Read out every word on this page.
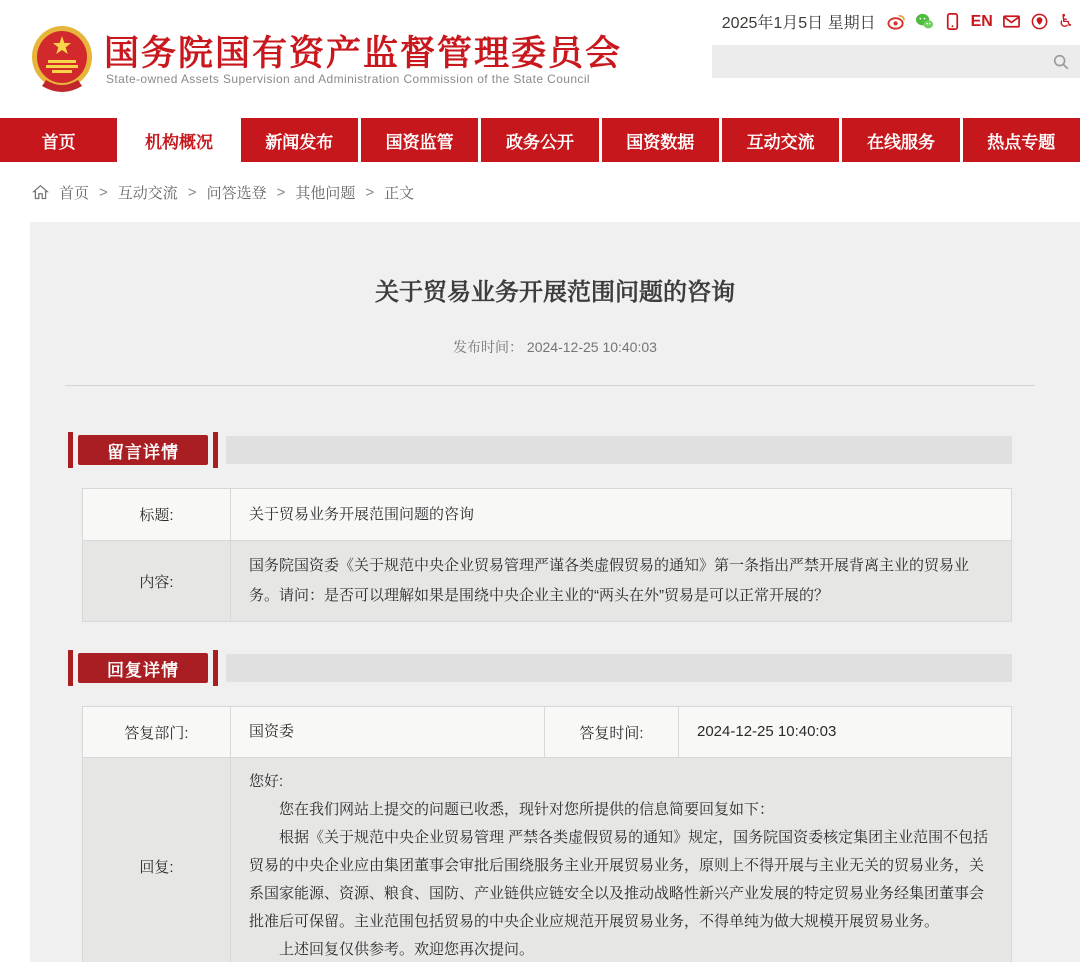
国务院国有资产监督管理委员会
State-owned Assets Supervision and Administration Commission of the State Council
2025年1月5日 星期日	EN	♿
首页	机构概况	新闻发布	国资监管	政务公开	国资数据	互动交流	在线服务	热点专题
首页 > 互动交流 > 问答选登 > 其他问题 > 正文
关于贸易业务开展范围问题的咨询
发布时间： 2024-12-25 10:40:03
留言详情
标题:	关于贸易业务开展范围问题的咨询
内容:	国务院国资委《关于规范中央企业贸易管理严谨各类虚假贸易的通知》第一条指出严禁开展背离主业的贸易业务。请问：是否可以理解如果是围绕中央企业主业的“两头在外”贸易是可以正常开展的？
回复详情
答复部门:	国资委	答复时间:	2024-12-25 10:40:03
回复:	您好:

您在我们网站上提交的问题已收悉，现针对您所提供的信息简要回复如下：

根据《关于规范中央企业贸易管理 严禁各类虚假贸易的通知》规定，国务院国资委核定集团主业范围不包括贸易的中央企业应由集团董事会审批后围绕服务主业开展贸易业务，原则上不得开展与主业无关的贸易业务，关系国家能源、资源、粮食、国防、产业链供应链安全以及推动战略性新兴产业发展的特定贸易业务经集团董事会批准后可保留。主业范围包括贸易的中央企业应规范开展贸易业务，不得单纯为做大规模开展贸易业务。

上述回复仅供参考。欢迎您再次提问。		
